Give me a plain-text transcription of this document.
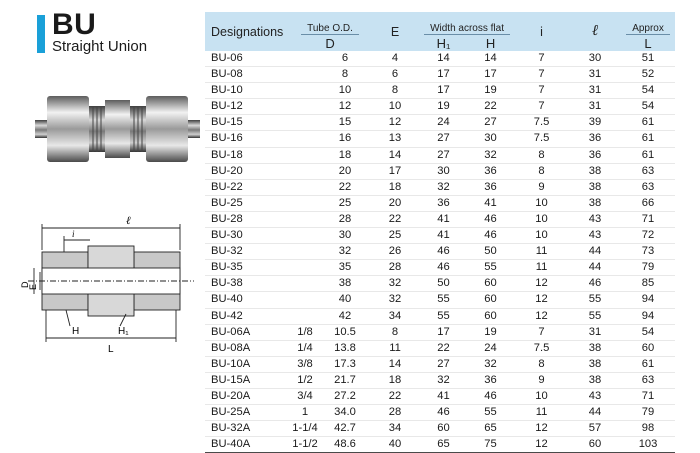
BU
Straight Union
ℓ
i
D
E
H	H₁
L
Designations	Tube O.D.		E	Width across flat		i	ℓ	Approx
	D			H₁	H			L
BU-06		6	4	14	14	7	30	51
BU-08		8	6	17	17	7	31	52
BU-10		10	8	17	19	7	31	54
BU-12		12	10	19	22	7	31	54
BU-15		15	12	24	27	7.5	39	61
BU-16		16	13	27	30	7.5	36	61
BU-18		18	14	27	32	8	36	61
BU-20		20	17	30	36	8	38	63
BU-22		22	18	32	36	9	38	63
BU-25		25	20	36	41	10	38	66
BU-28		28	22	41	46	10	43	71
BU-30		30	25	41	46	10	43	72
BU-32		32	26	46	50	11	44	73
BU-35		35	28	46	55	11	44	79
BU-38		38	32	50	60	12	46	85
BU-40		40	32	55	60	12	55	94
BU-42		42	34	55	60	12	55	94
BU-06A	1/8	10.5	8	17	19	7	31	54
BU-08A	1/4	13.8	11	22	24	7.5	38	60
BU-10A	3/8	17.3	14	27	32	8	38	61
BU-15A	1/2	21.7	18	32	36	9	38	63
BU-20A	3/4	27.2	22	41	46	10	43	71
BU-25A	1	34.0	28	46	55	11	44	79
BU-32A	1-1/4	42.7	34	60	65	12	57	98
BU-40A	1-1/2	48.6	40	65	75	12	60	103
